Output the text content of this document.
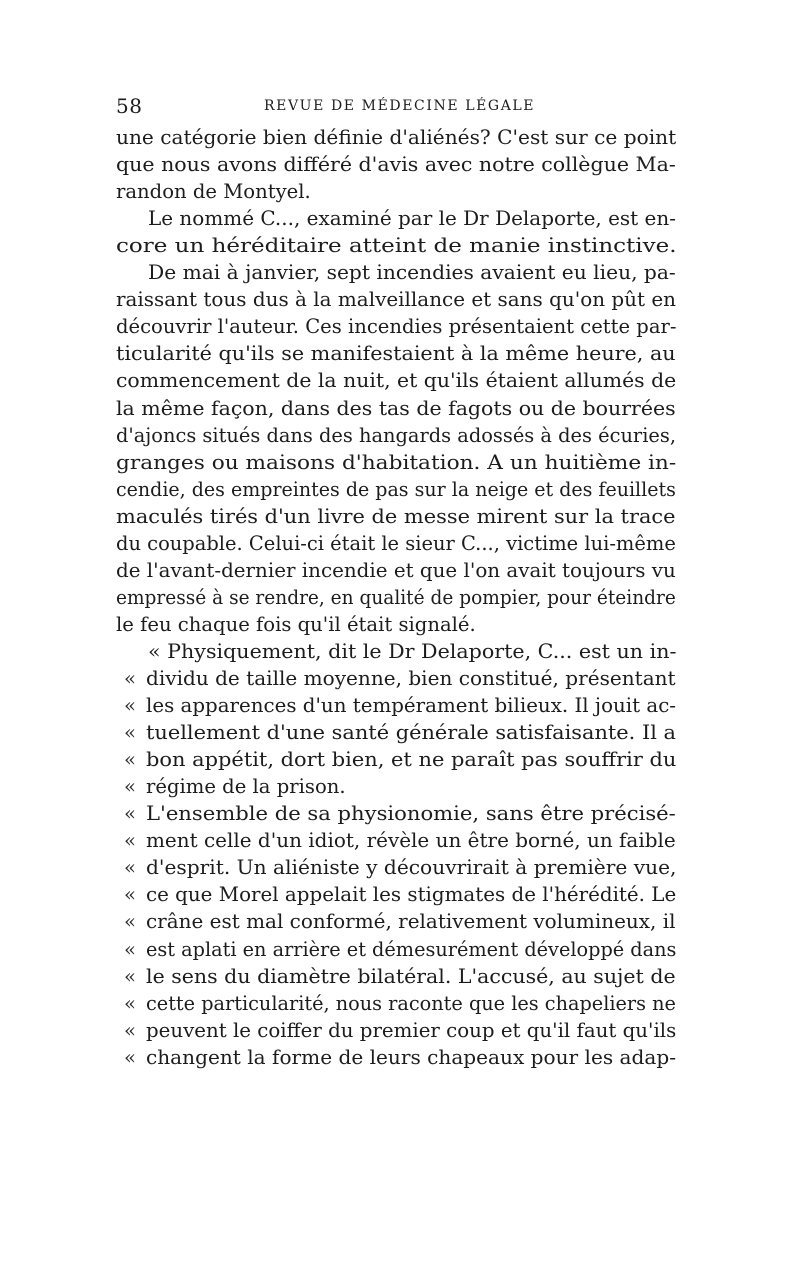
58	REVUE DE MÉDECINE LÉGALE
une catégorie bien définie d'aliénés? C'est sur ce point
que nous avons différé d'avis avec notre collègue Ma-
randon de Montyel.
Le nommé C..., examiné par le Dr Delaporte, est en-
core un héréditaire atteint de manie instinctive.
De mai à janvier, sept incendies avaient eu lieu, pa-
raissant tous dus à la malveillance et sans qu'on pût en
découvrir l'auteur. Ces incendies présentaient cette par-
ticularité qu'ils se manifestaient à la même heure, au
commencement de la nuit, et qu'ils étaient allumés de
la même façon, dans des tas de fagots ou de bourrées
d'ajoncs situés dans des hangards adossés à des écuries,
granges ou maisons d'habitation. A un huitième in-
cendie, des empreintes de pas sur la neige et des feuillets
maculés tirés d'un livre de messe mirent sur la trace
du coupable. Celui-ci était le sieur C..., victime lui-même
de l'avant-dernier incendie et que l'on avait toujours vu
empressé à se rendre, en qualité de pompier, pour éteindre
le feu chaque fois qu'il était signalé.
« Physiquement, dit le Dr Delaporte, C... est un in-
« dividu de taille moyenne, bien constitué, présentant
« les apparences d'un tempérament bilieux. Il jouit ac-
« tuellement d'une santé générale satisfaisante. Il a
« bon appétit, dort bien, et ne paraît pas souffrir du
« régime de la prison.
« L'ensemble de sa physionomie, sans être précisé-
« ment celle d'un idiot, révèle un être borné, un faible
« d'esprit. Un aliéniste y découvrirait à première vue,
« ce que Morel appelait les stigmates de l'hérédité. Le
« crâne est mal conformé, relativement volumineux, il
« est aplati en arrière et démesurément développé dans
« le sens du diamètre bilatéral. L'accusé, au sujet de
« cette particularité, nous raconte que les chapeliers ne
« peuvent le coiffer du premier coup et qu'il faut qu'ils
« changent la forme de leurs chapeaux pour les adap-
